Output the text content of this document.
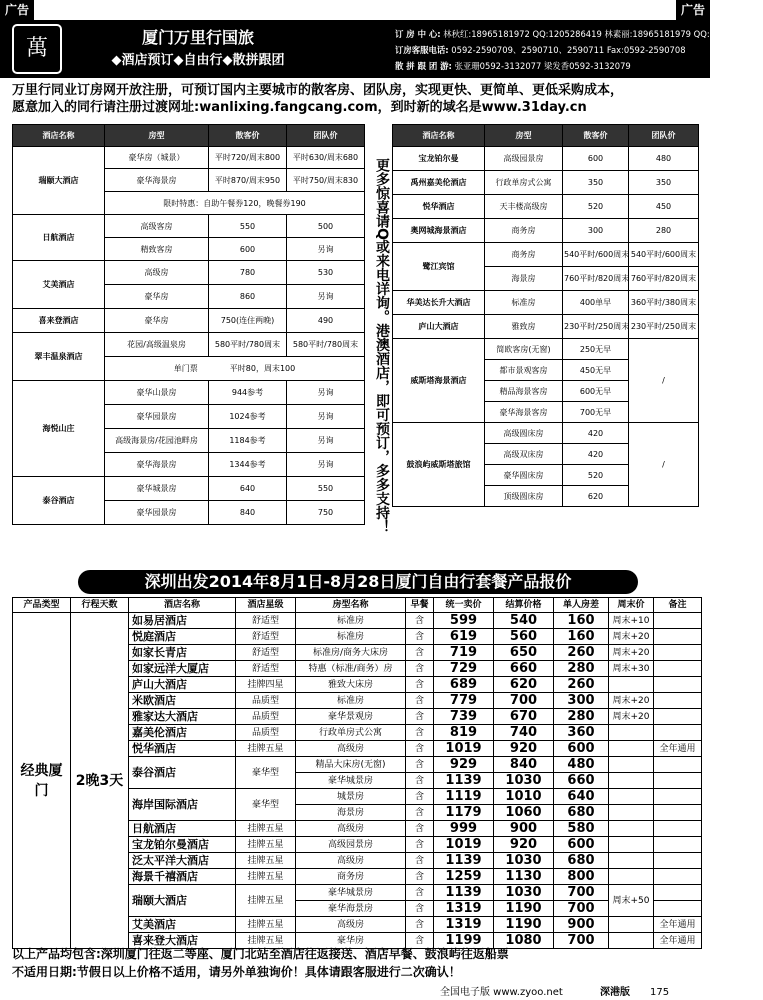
广告	广告
萬	厦门万里行国旅
◆酒店预订◆自由行◆散拼跟团
订 房 中 心: 林秋红:18965181972 QQ:1205286419 林素丽:18965181979 QQ:1120069987
订房客服电话: 0592-2590709、2590710、2590711 Fax:0592-2590708
散 拼 跟 团 游: 张亚珊0592-3132077 梁发香0592-3132079
万里行同业订房网开放注册，可预订国内主要城市的散客房、团队房，实现更快、更简单、更低采购成本，
愿意加入的同行请注册过渡网址:wanlixing.fangcang.com，到时新的域名是www.31day.cn
酒店名称	房型	散客价	团队价
瑞颐大酒店	豪华房（城景）	平时720/周末800	平时630/周末680
	豪华海景房	平时870/周末950	平时750/周末830
	限时特惠：自助午餐券120，晚餐券190		
日航酒店	高级客房	550	500
	精致客房	600	另询
艾美酒店	高级房	780	530
	豪华房	860	另询
喜来登酒店	豪华房	750(连住两晚)	490
翠丰温泉酒店	花园/高级温泉房	580平时/780周末	580平时/780周末
	单门票　　　　平时80，周末100		
海悦山庄	豪华山景房	944参考	另询
	豪华园景房	1024参考	另询
	高级海景房/花园池畔房	1184参考	另询
	豪华海景房	1344参考	另询
泰谷酒店	豪华城景房	640	550
	豪华园景房	840	750	更多惊喜请Q或来电详询。港澳酒店，即可预订，多多支持！
酒店名称	房型	散客价	团队价
宝龙铂尔曼	高级园景房	600	480
禹州嘉美伦酒店	行政单房式公寓	350	350
悦华酒店	天丰楼高级房	520	450
奥网城海景酒店	商务房	300	280
鹭江宾馆	商务房	540平时/600周末	540平时/600周末
	海景房	760平时/820周末	760平时/820周末
华美达长升大酒店	标准房	400单早	360平时/380周末
庐山大酒店	雅致房	230平时/250周末	230平时/250周末
威斯塔海景酒店	简欧客房(无窗)	250无早	/
	都市景观客房	450无早	
	精品海景客房	600无早	
	豪华海景客房	700无早	
鼓浪屿威斯塔旅馆	高级圆床房	420	/
	高级双床房	420	
	豪华圆床房	520	
	顶级圆床房	620	
深圳出发2014年8月1日-8月28日厦门自由行套餐产品报价
产品类型	行程天数	酒店名称	酒店星级	房型名称	早餐	统一卖价	结算价格	单人房差	周末价	备注
经典厦门	2晚3天	如易居酒店	舒适型	标准房	含	599	540	160	周末+10	
		悦庭酒店	舒适型	标准房	含	619	560	160	周末+20	
		如家长青店	舒适型	标准房/商务大床房	含	719	650	260	周末+20	
		如家远洋大厦店	舒适型	特惠（标准/商务）房	含	729	660	280	周末+30	
		庐山大酒店	挂牌四星	雅致大床房	含	689	620	260		
		米欧酒店	品质型	标准房	含	779	700	300	周末+20	
		雅家达大酒店	品质型	豪华景观房	含	739	670	280	周末+20	
		嘉美伦酒店	品质型	行政单房式公寓	含	819	740	360		
		悦华酒店	挂牌五星	高级房	含	1019	920	600		全年通用
		泰谷酒店	豪华型	精品大床房(无窗)	含	929	840	480		
				豪华城景房	含	1139	1030	660		
		海岸国际酒店	豪华型	城景房	含	1119	1010	640		
				海景房	含	1179	1060	680		
		日航酒店	挂牌五星	高级房	含	999	900	580		
		宝龙铂尔曼酒店	挂牌五星	高级园景房	含	1019	920	600		
		泛太平洋大酒店	挂牌五星	高级房	含	1139	1030	680		
		海景千禧酒店	挂牌五星	商务房	含	1259	1130	800		
		瑞颐大酒店	挂牌五星	豪华城景房	含	1139	1030	700	周末+50	
				豪华海景房	含	1319	1190	700		
		艾美酒店	挂牌五星	高级房	含	1319	1190	900		全年通用
		喜来登大酒店	挂牌五星	豪华房	含	1199	1080	700		全年通用
以上产品均包含:深圳厦门往返二等座、厦门北站至酒店往返接送、酒店早餐、鼓浪屿往返船票
不适用日期:节假日以上价格不适用，请另外单独询价！具体请跟客服进行二次确认！
全国电子版 www.zyoo.net	深港版 175
